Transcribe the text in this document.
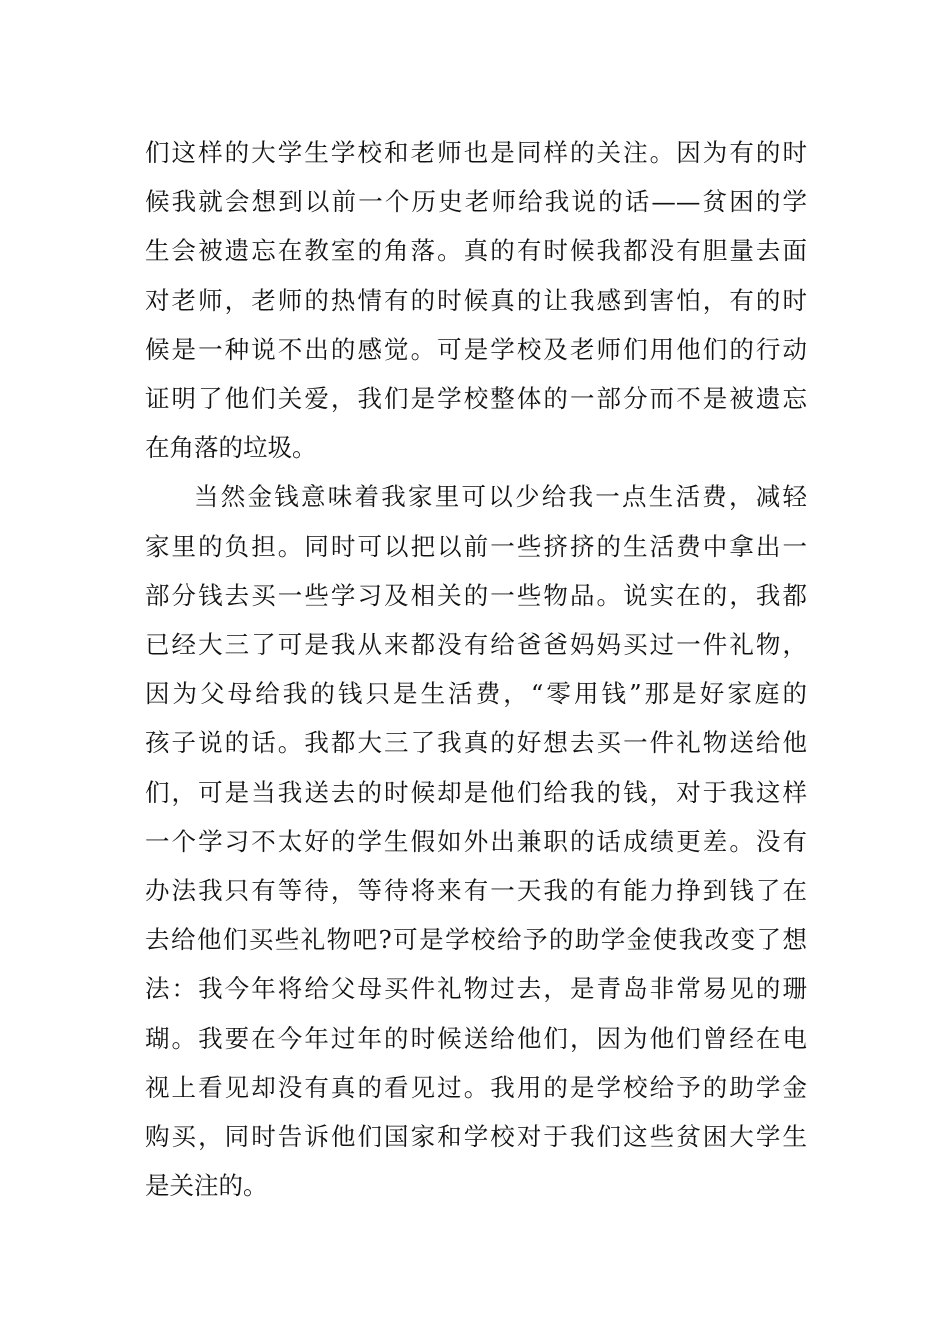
们这样的大学生学校和老师也是同样的关注。因为有的时
候我就会想到以前一个历史老师给我说的话——贫困的学
生会被遗忘在教室的角落。真的有时候我都没有胆量去面
对老师，老师的热情有的时候真的让我感到害怕，有的时
候是一种说不出的感觉。可是学校及老师们用他们的行动
证明了他们关爱，我们是学校整体的一部分而不是被遗忘
在角落的垃圾。
当然金钱意味着我家里可以少给我一点生活费，减轻
家里的负担。同时可以把以前一些挤挤的生活费中拿出一
部分钱去买一些学习及相关的一些物品。说实在的，我都
已经大三了可是我从来都没有给爸爸妈妈买过一件礼物，
因为父母给我的钱只是生活费，“零用钱”那是好家庭的
孩子说的话。我都大三了我真的好想去买一件礼物送给他
们，可是当我送去的时候却是他们给我的钱，对于我这样
一个学习不太好的学生假如外出兼职的话成绩更差。没有
办法我只有等待，等待将来有一天我的有能力挣到钱了在
去给他们买些礼物吧?可是学校给予的助学金使我改变了想
法：我今年将给父母买件礼物过去，是青岛非常易见的珊
瑚。我要在今年过年的时候送给他们，因为他们曾经在电
视上看见却没有真的看见过。我用的是学校给予的助学金
购买，同时告诉他们国家和学校对于我们这些贫困大学生
是关注的。
